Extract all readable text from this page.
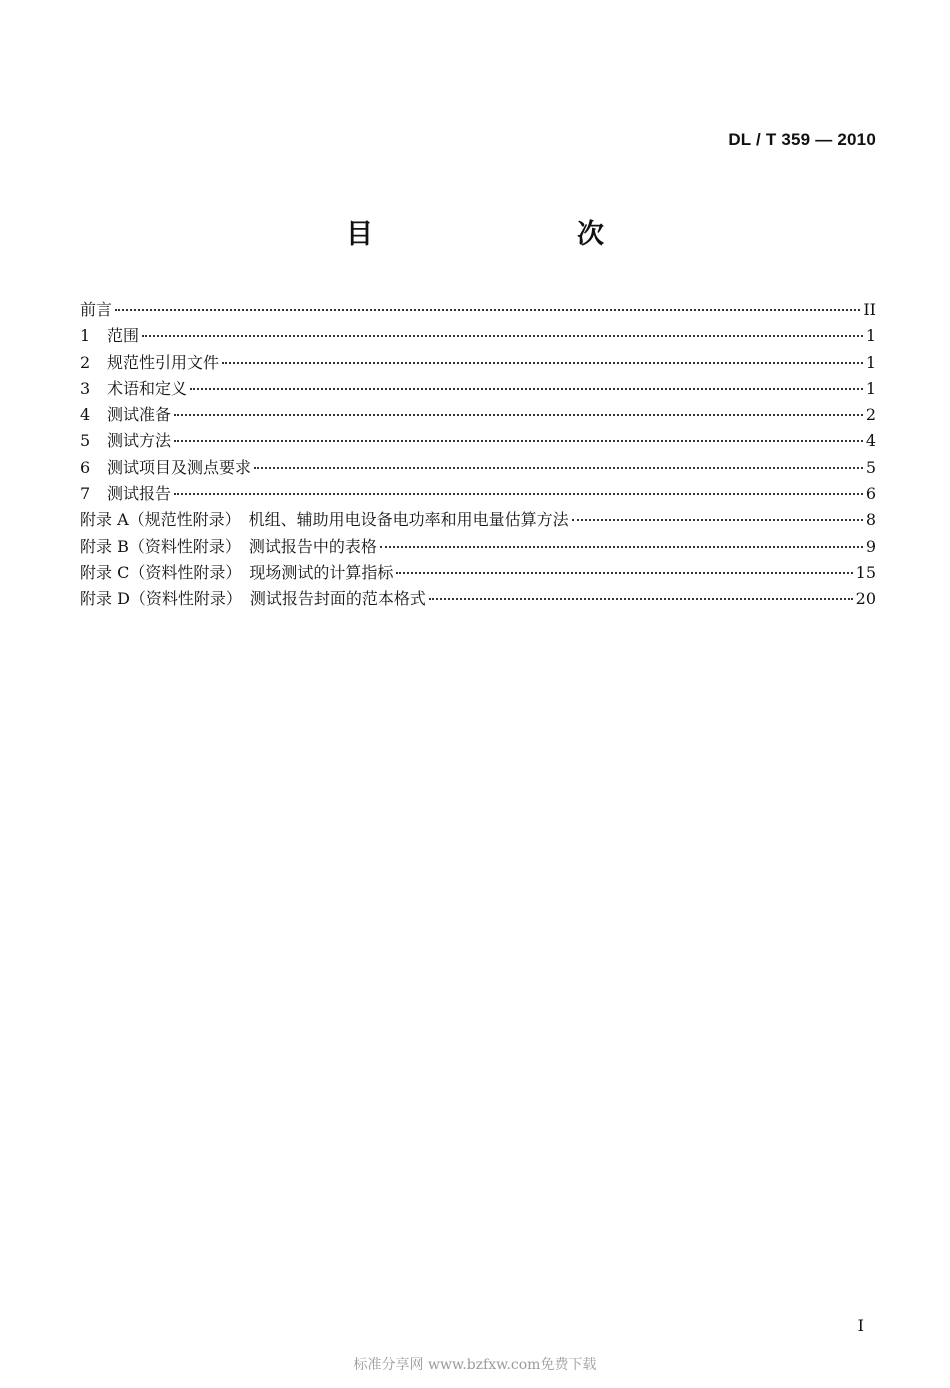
DL / T 359 — 2010
目　　次
前言	II
1	范围	1
2	规范性引用文件	1
3	术语和定义	1
4	测试准备	2
5	测试方法	4
6	测试项目及测点要求	5
7	测试报告	6
附录 A（规范性附录）　机组、辅助用电设备电功率和用电量估算方法	8
附录 B（资料性附录）　测试报告中的表格	9
附录 C（资料性附录）　现场测试的计算指标	15
附录 D（资料性附录）　测试报告封面的范本格式	20
I
标准分享网 www.bzfxw.com免费下载
